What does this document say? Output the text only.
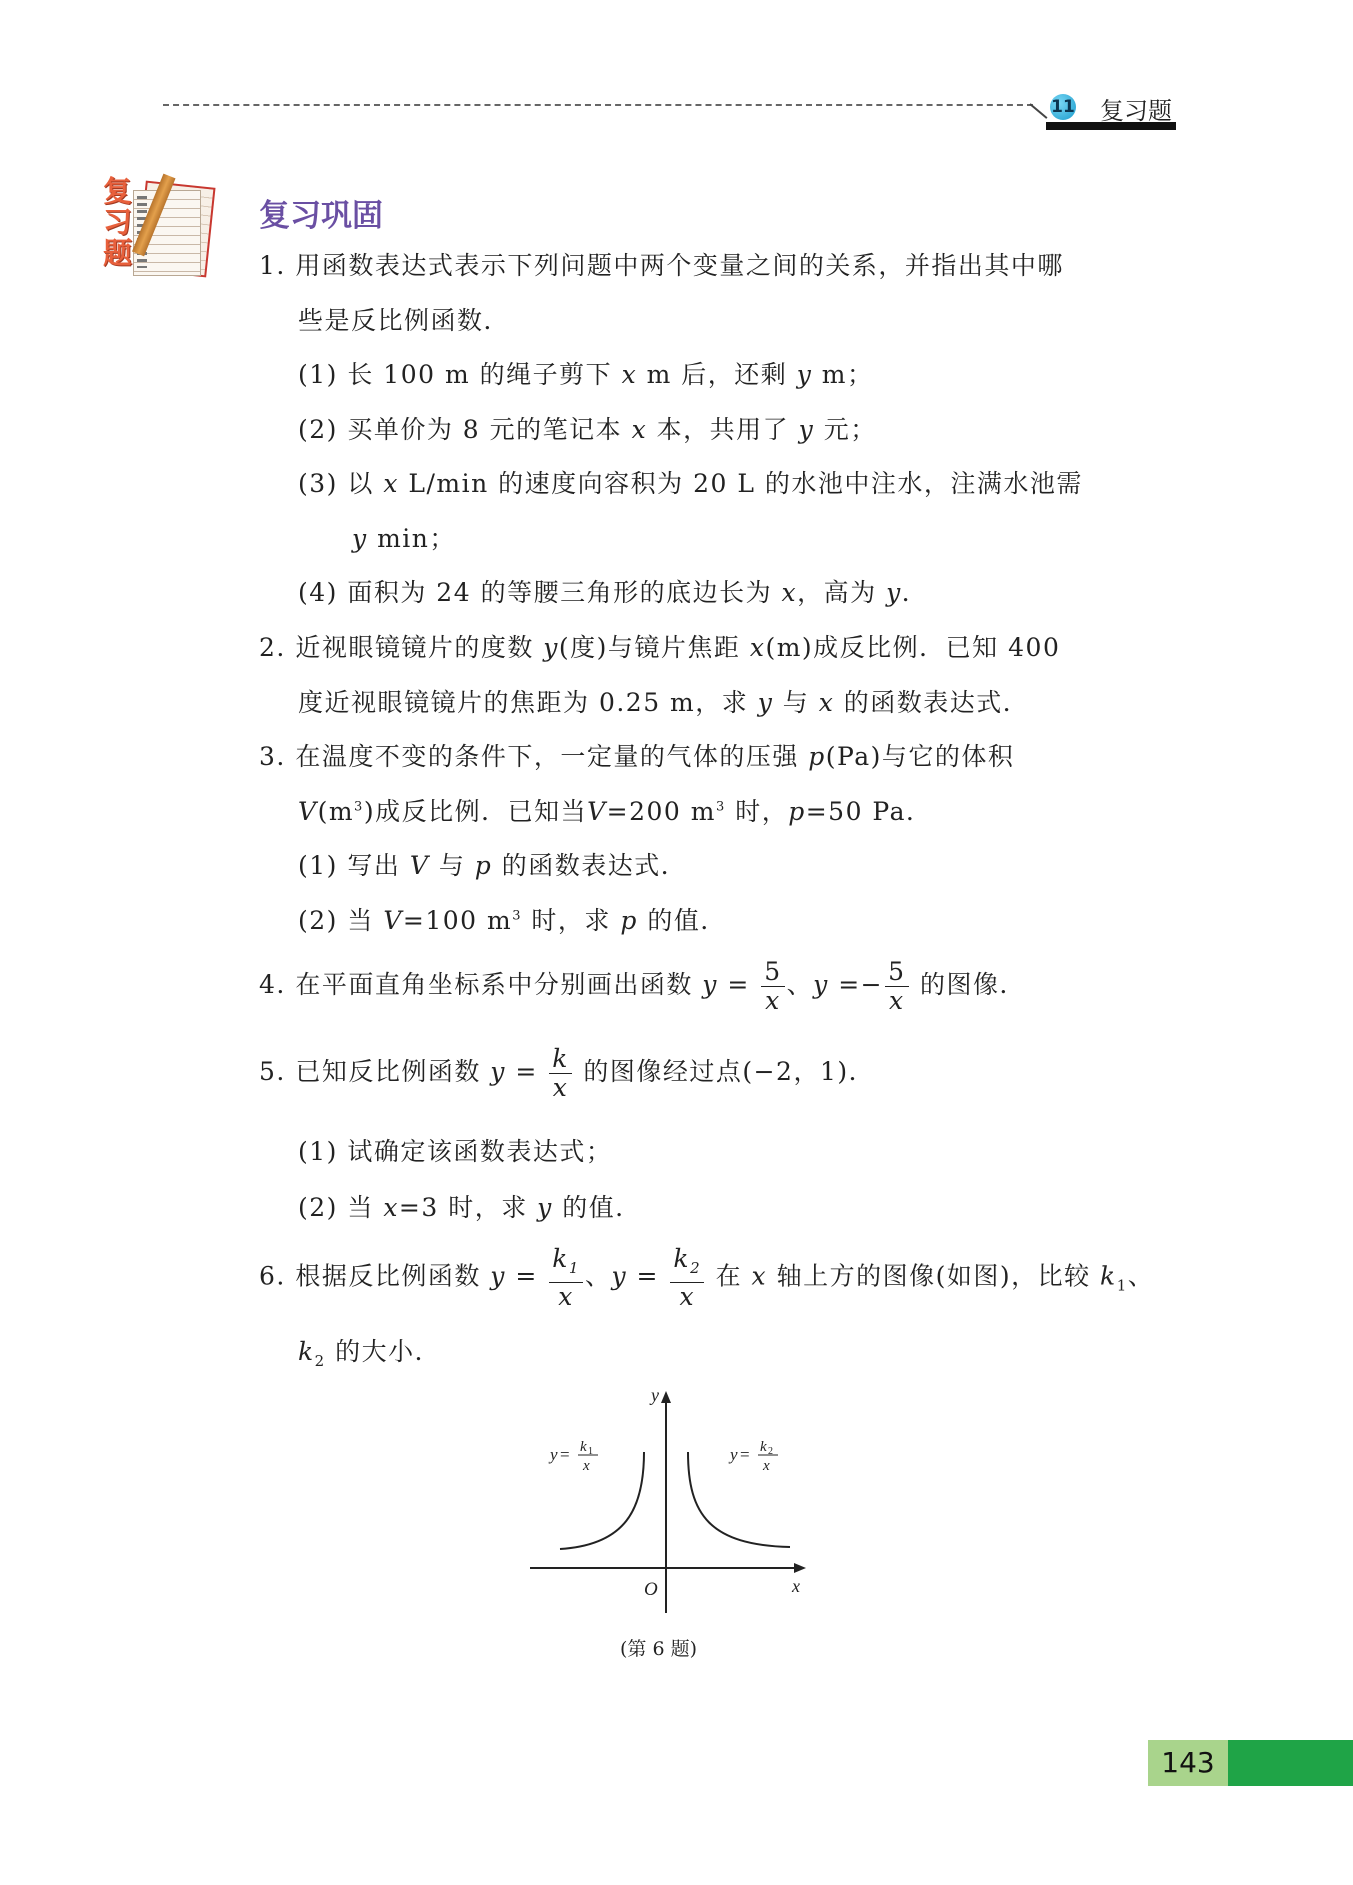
11 复习题
复
习
题
复习巩固
1. 用函数表达式表示下列问题中两个变量之间的关系，并指出其中哪
些是反比例函数．
(1) 长 100 m 的绳子剪下 x m 后，还剩 y m；
(2) 买单价为 8 元的笔记本 x 本，共用了 y 元；
(3) 以 x L/min 的速度向容积为 20 L 的水池中注水，注满水池需
y min；
(4) 面积为 24 的等腰三角形的底边长为 x，高为 y．
2. 近视眼镜镜片的度数 y(度)与镜片焦距 x(m)成反比例．已知 400
度近视眼镜镜片的焦距为 0.25 m，求 y 与 x 的函数表达式．
3. 在温度不变的条件下，一定量的气体的压强 p(Pa)与它的体积
$V(m^3)$成反比例．已知当V=200 $m^3$ 时，p=50 Pa．
(1) 写出 V 与 p 的函数表达式．
(2) 当 V=100 $m^3$ 时，求 p 的值．
4. 在平面直角坐标系中分别画出函数 $y = \frac{5}{x}$ 、$y =- \frac{5}{x}$ 的图像．
5. 已知反比例函数 $y = \frac{k}{x}$ 的图像经过点(−2，1)．
(1) 试确定该函数表达式；
(2) 当 x=3 时，求 y 的值．
6. 根据反比例函数 $y = \frac{k_1}{x}$ 、$y = \frac{k_2}{x}$ 在 x 轴上方的图像(如图)，比较 $k_1$、
$k_2$ 的大小．
y
x
O
y = k 1
x
y = k 2
x
(第 6 题)
143
